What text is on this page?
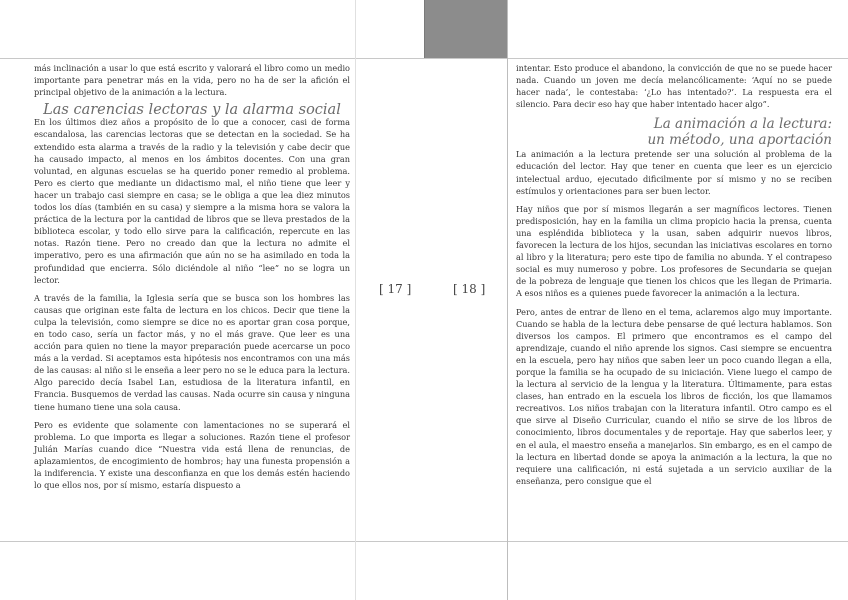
más inclinación a usar lo que está escrito y valorará el libro como un medio importante para penetrar más en la vida, pero no ha de ser la afición el principal objetivo de la animación a la lectura.

Las carencias lectoras y la alarma social

En los últimos diez años a propósito de lo que a conocer, casi de forma escandalosa, las carencias lectoras que se detectan en la sociedad. Se ha extendido esta alarma a través de la radio y la televisión y cabe decir que ha causado impacto, al menos en los ámbitos docentes. Con una gran voluntad, en algunas escuelas se ha querido poner remedio al problema. Pero es cierto que mediante un didactismo mal, el niño tiene que leer y hacer un trabajo casi siempre en casa; se le obliga a que lea diez minutos todos los días (también en su casa) y siempre a la misma hora se valora la práctica de la lectura por la cantidad de libros que se lleva prestados de la biblioteca escolar, y todo ello sirve para la calificación, repercute en las notas. Razón tiene. Pero no creado dan que la lectura no admite el imperativo, pero es una afirmación que aún no se ha asimilado en toda la profundidad que encierra. Sólo diciéndole al niño “lee” no se logra un lector.

A través de la familia, la Iglesia sería que se busca son los hombres las causas que originan este falta de lectura en los chicos. Decir que tiene la culpa la televisión, como siempre se dice no es aportar gran cosa porque, en todo caso, sería un factor más, y no el más grave. Que leer es una acción para quien no tiene la mayor preparación puede acercarse un poco más a la verdad. Si aceptamos esta hipótesis nos encontramos con una más de las causas: al niño si le enseña a leer pero no se le educa para la lectura. Algo parecido decía Isabel Lan, estudiosa de la literatura infantil, en Francia. Busquemos de verdad las causas. Nada ocurre sin causa y ninguna tiene humano tiene una sola causa.

Pero es evidente que solamente con lamentaciones no se superará el problema. Lo que importa es llegar a soluciones. Razón tiene el profesor Julián Marías cuando dice “Nuestra vida está llena de renuncias, de aplazamientos, de encogimiento de hombros; hay una funesta propensión a la indiferencia. Y existe una desconfianza en que los demás estén haciendo lo que ellos nos, por sí mismo, estaría dispuesto a

[ 17 ]	[ 18 ]

intentar. Esto produce el abandono, la convicción de que no se puede hacer nada. Cuando un joven me decía melancólicamente: ‘Aquí no se puede hacer nada’, le contestaba: ‘¿Lo has intentado?’. La respuesta era el silencio. Para decir eso hay que haber intentado hacer algo”.

La animación a la lectura:
un método, una aportación

La animación a la lectura pretende ser una solución al problema de la educación del lector. Hay que tener en cuenta que leer es un ejercicio intelectual arduo, ejecutado dificilmente por sí mismo y no se reciben estímulos y orientaciones para ser buen lector.

Hay niños que por sí mismos llegarán a ser magníficos lectores. Tienen predisposición, hay en la familia un clima propicio hacia la prensa, cuenta una espléndida biblioteca y la usan, saben adquirir nuevos libros, favorecen la lectura de los hijos, secundan las iniciativas escolares en torno al libro y la literatura; pero este tipo de familia no abunda. Y el contrapeso social es muy numeroso y pobre. Los profesores de Secundaria se quejan de la pobreza de lenguaje que tienen los chicos que les llegan de Primaria. A esos niños es a quienes puede favorecer la animación a la lectura.

Pero, antes de entrar de lleno en el tema, aclaremos algo muy importante. Cuando se habla de la lectura debe pensarse de qué lectura hablamos. Son diversos los campos. El primero que encontramos es el campo del aprendizaje, cuando el niño aprende los signos. Casi siempre se encuentra en la escuela, pero hay niños que saben leer un poco cuando llegan a ella, porque la familia se ha ocupado de su iniciación. Viene luego el campo de la lectura al servicio de la lengua y la literatura. Últimamente, para estas clases, han entrado en la escuela los libros de ficción, los que llamamos recreativos. Los niños trabajan con la literatura infantil. Otro campo es el que sirve al Diseño Curricular, cuando el niño se sirve de los libros de conocimiento, libros documentales y de reportaje. Hay que saberlos leer, y en el aula, el maestro enseña a manejarlos. Sin embargo, es en el campo de la lectura en libertad donde se apoya la animación a la lectura, la que no requiere una calificación, ni está sujetada a un servicio auxiliar de la enseñanza, pero consigue que el
